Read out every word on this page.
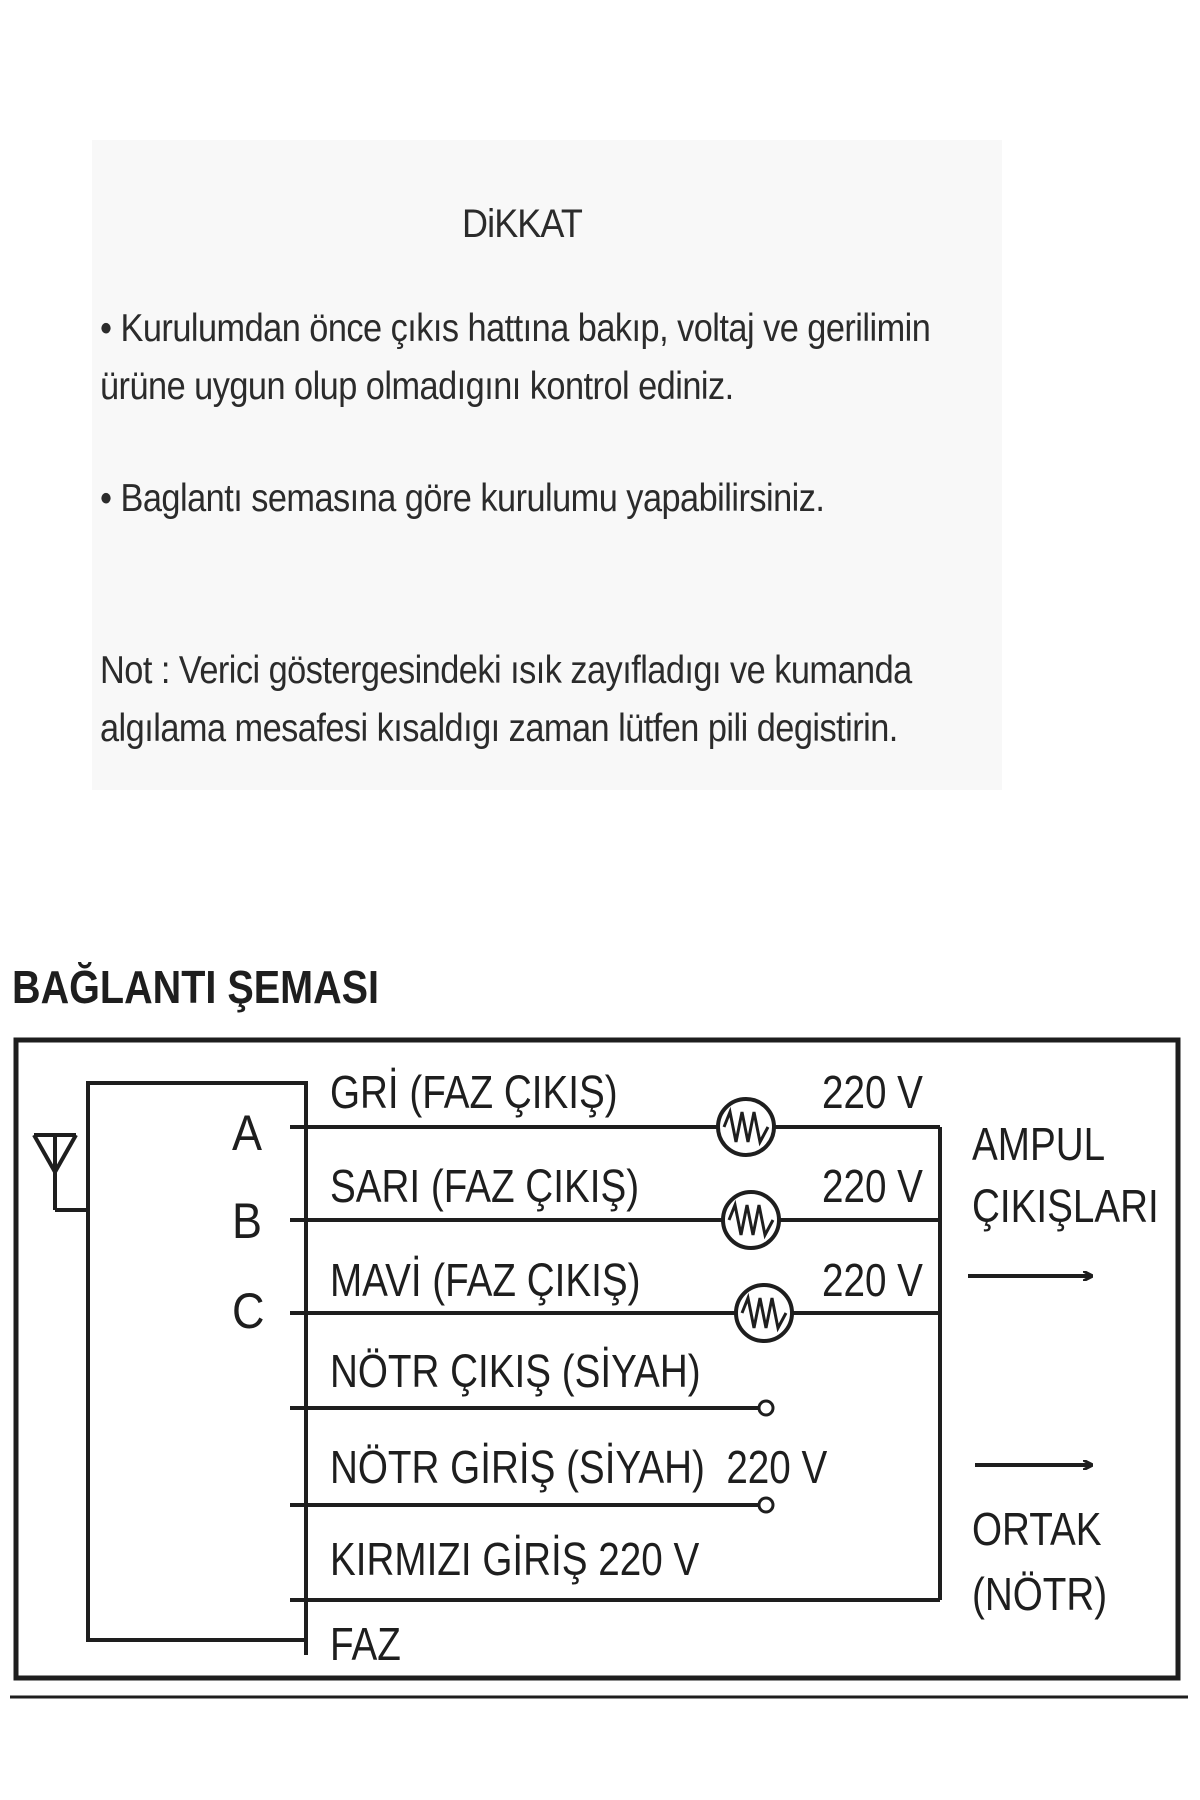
DiKKAT

• Kurulumdan önce çıkıs hattına bakıp, voltaj ve gerilimin
ürüne uygun olup olmadıgını kontrol ediniz.

• Baglantı semasına göre kurulumu yapabilirsiniz.

Not : Verici göstergesindeki ısık zayıfladıgı ve kumanda
algılama mesafesi kısaldıgı zaman lütfen pili degistirin.

BAĞLANTI ŞEMASI
A
B
C
GRİ (FAZ ÇIKIŞ)
SARI (FAZ ÇIKIŞ)
MAVİ (FAZ ÇIKIŞ)
NÖTR ÇIKIŞ (SİYAH)
NÖTR GİRİŞ (SİYAH)  220 V
KIRMIZI GİRİŞ 220 V
FAZ
220 V
220 V
220 V
AMPUL
ÇIKIŞLARI
ORTAK
(NÖTR)
